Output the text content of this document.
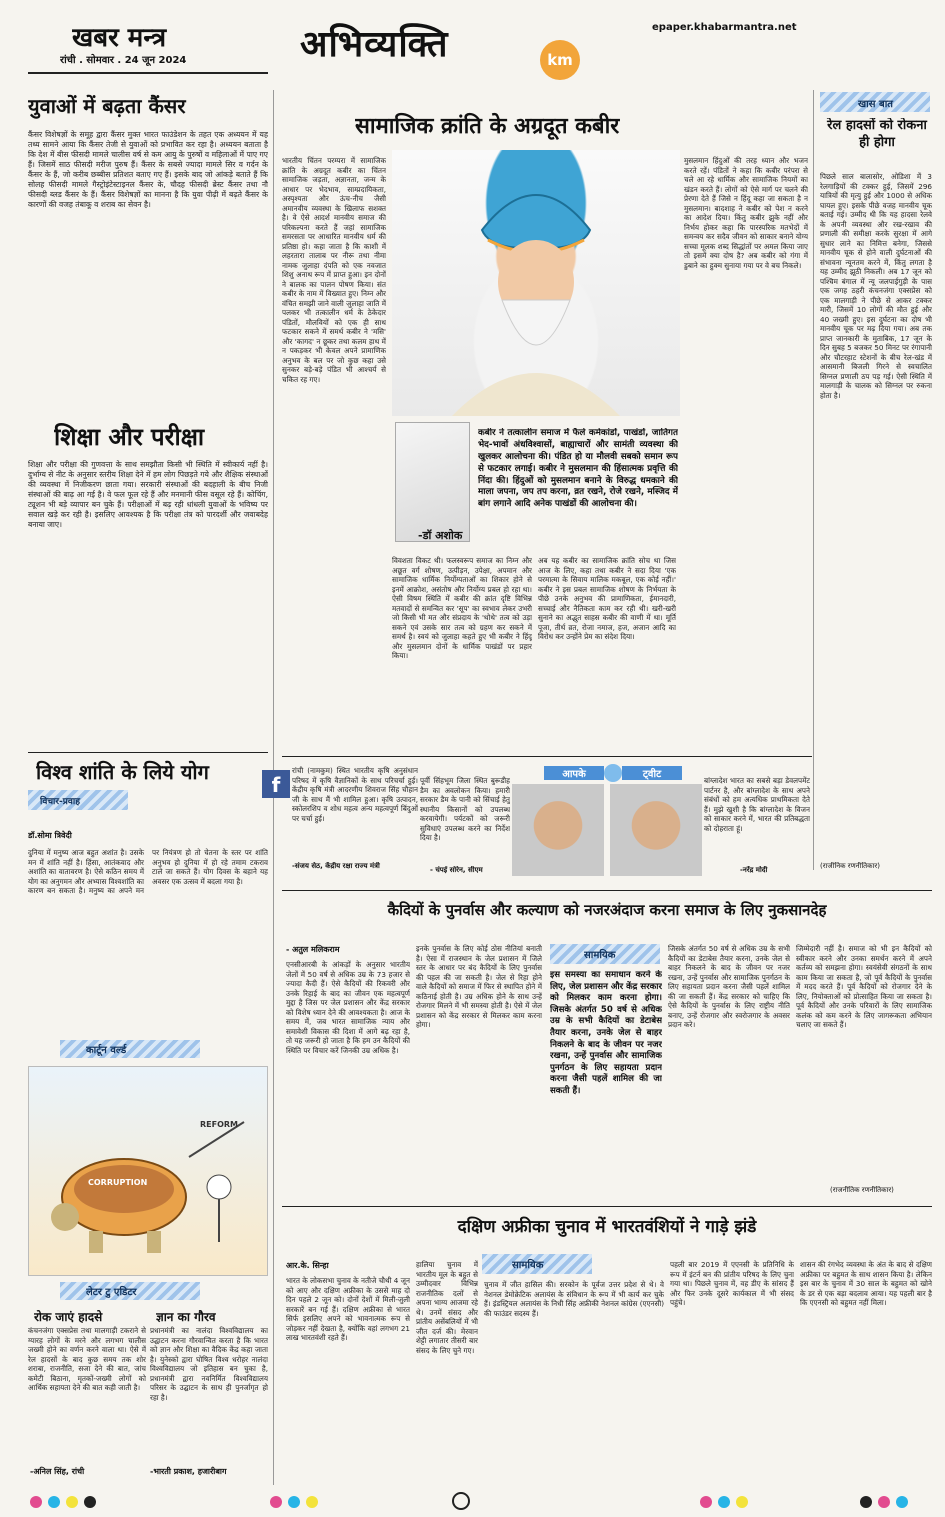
खबर मन्त्र
रांची . सोमवार . 24 जून 2024	अभिव्यक्ति	km
epaper.khabarmantra.net
युवाओं में बढ़ता कैंसर

कैंसर विशेषज्ञों के समूह द्वारा कैंसर मुक्त भारत फाउंडेशन के तहत एक अध्ययन में यह तथ्य सामने आया कि कैंसर तेजी से युवाओं को प्रभावित कर रहा है। अध्ययन बताता है कि देश में बीस फीसदी मामले चालीस वर्ष से कम आयु के पुरुषों व महिलाओं में पाए गए हैं। जिसमें साठ फीसदी मरीज पुरुष हैं। कैंसर के सबसे ज्यादा मामले सिर व गर्दन के कैंसर के हैं, जो करीब छब्बीस प्रतिशत बताए गए हैं। इसके बाद जो आंकड़े बताते हैं कि सोलह फीसदी मामले गैस्ट्रोइंटेस्टाइनल कैंसर के, चौदह फीसदी ब्रेस्ट कैंसर तथा नौ फीसदी ब्लड कैंसर के हैं। कैंसर विशेषज्ञों का मानना है कि युवा पीढ़ी में बढ़ते कैंसर के कारणों की वजह तंबाकू व शराब का सेवन है।

शिक्षा और परीक्षा

शिक्षा और परीक्षा की गुणवत्ता के साथ समझौता किसी भी स्थिति में स्वीकार्य नहीं है। दुर्भाग्य से नीट के अनुसार स्तरीय शिक्षा देने में हम लोग पिछड़ते गये और शैक्षिक संस्थाओं की व्यवस्था में निजीकरण छाता गया। सरकारी संस्थाओं की बदहाली के बीच निजी संस्थाओं की बाढ़ आ गई है। वे फल फूल रहे हैं और मनमानी फीस वसूल रहे हैं। कोचिंग, ट्यूशन भी बड़े व्यापार बन चुके हैं। परीक्षाओं में बढ़ रही धांधली युवाओं के भविष्य पर सवाल खड़े कर रही है। इसलिए आवश्यक है कि परीक्षा तंत्र को पारदर्शी और जवाबदेह बनाया जाए।

विश्व शांति के लिये योग
विचार-प्रवाह
डॉ.सोमा त्रिवेदी

दुनिया में मनुष्य आज बहुत अशांत है। उसके मन में शांति नहीं है। हिंसा, आतंकवाद और अशांति का वातावरण है। ऐसे कठिन समय में योग का अनुगमन और अभ्यास विश्वशांति का कारण बन सकता है। मनुष्य का अपने मन पर नियंत्रण हो तो चेतना के स्तर पर शांति अनुभव हो दुनिया में हो रहे तमाम टकराव टाले जा सकते हैं। योग दिवस के बहाने यह अवसर एक उत्सव में बदला गया है।

कार्टून वर्ल्ड
CORRUPTION
REFORM
लेटर टु एडिटर
रोक जाएं हादसे

कंचनजंगा एक्सप्रेस तथा मालगाड़ी टकराने से ग्यारह लोगों के मरने और लगभग चालीस जख्मी होने का वर्णन करने वाला था। ऐसे में रेल हादसों के बाद कुछ समय तक शोर शराबा, राजनीति, सजा देने की बात, जांच कमेटी बिठाना, मृतकों-जख्मी लोगों को आर्थिक सहायता देने की बात कही जाती है।

-अनिल सिंह, रांची
ज्ञान का गौरव

प्रधानमंत्री का नालंदा विश्वविद्यालय का उद्घाटन करना गौरवान्वित करता है कि भारत को ज्ञान और शिक्षा का वैदिक केंद्र कहा जाता है। युनेस्को द्वारा घोषित विश्व धरोहर नालंदा विश्वविद्यालय जो इतिहास बन चुका है, प्रधानमंत्री द्वारा नवनिर्मित विश्वविद्यालय परिसर के उद्घाटन के साथ ही पुनर्जागृत हो रहा है।

-भारती प्रकाश, हजारीबाग
सामाजिक क्रांति के अग्रदूत कबीर

भारतीय चिंतन परम्परा में सामाजिक क्रांति के अग्रदूत कबीर का चिंतन सामाजिक जड़ता, अज्ञानता, जन्म के आधार पर भेदभाव, साम्प्रदायिकता, अस्पृश्यता और ऊंच-नीच जैसी अमानवीय व्यवस्था के खिलाफ सशक्त है। वे ऐसे आदर्श मानवीय समाज की परिकल्पना करते हैं जहां सामाजिक समरसता पर आधारित मानवीय धर्म की प्रतिष्ठा हो। कहा जाता है कि काशी में लहरतारा तालाब पर नीरू तथा नीमा नामक जुलाहा दंपति को एक नवजात शिशु अनाथ रूप में प्राप्त हुआ। इन दोनों ने बालक का पालन पोषण किया। संत कबीर के नाम में विख्यात हुए। निम्न और वंचित समझी जाने वाली जुलाहा जाति में पलकर भी तत्कालीन धर्म के ठेकेदार पंडितों, मौलवियों को एक ही साथ फटकार सकने में समर्थ कबीर ने 'मसि' और 'कागद' न छूकर तथा कलम हाथ में न पकड़कर भी केवल अपने प्रामाणिक अनुभव के बल पर जो कुछ कहा उसे सुनकर बड़े-बड़े पंडित भी आश्चर्य से चकित रह गए।

-डॉ अशोक
कबीर ने तत्कालीन समाज में फैले कर्मकांडों, पाखंडों, जातिगत भेद-भावों अंधविश्वासों, बाह्याचारों और सामंती व्यवस्था की खुलकर आलोचना की। पंडित हो या मौलवी सबको समान रूप से फटकार लगाई। कबीर ने मुसलमान की हिंसात्मक प्रवृत्ति की निंदा की। हिंदुओं को मुसलमान बनाने के विरुद्ध धमकाने की माला जपना, जप तप करना, व्रत रखने, रोजे रखने, मस्जिद में बांग लगाने आदि अनेक पाखंडों की आलोचना की।

विवशता विकट थी। फलस्वरूप समाज का निम्न और अछूत वर्ग शोषण, उत्पीड़न, उपेक्षा, अपमान और सामाजिक धार्मिक निर्योग्यताओं का शिकार होने से इनमें आक्रोश, असंतोष और निर्योग्य प्रबल हो रहा था। ऐसी विषम स्थिति में कबीर की क्रांत दृष्टि विभिन्न मतवादों से समन्वित कर 'सूप' का स्वभाव लेकर उभरी जो किसी भी मत और संप्रदाय के 'थोथे' तत्व को उड़ा सकने एवं उसके सार तत्व को ग्रहण कर सकने में समर्थ है। स्वयं को जुलाहा कहते हुए भी कबीर ने हिंदू और मुसलमान दोनों के धार्मिक पाखंडों पर प्रहार किया।

अब यह कबीर का सामाजिक क्रांति सोच था जिस आज के लिए, कहा तथा कबीर ने सदा दिया 'एक परमात्मा के सिवाय मालिक मकबूल, एक कोई नहीं।' कबीर ने इस प्रबल सामाजिक शोषण के निर्भयता के पीछे उनके अनुभव की प्रामाणिकता, ईमानदारी, सच्चाई और नैतिकता काम कर रही थी। खरी-खरी सुनाने का अद्भुत साहस कबीर की वाणी में था। मूर्ति पूजा, तीर्थ व्रत, रोजा नमाज, हज, अजान आदि का विरोध कर उन्होंने प्रेम का संदेश दिया।

मुसलमान हिंदुओं की तरह ध्यान और भजन करते रहें। पंडितों ने कहा कि कबीर परंपरा से चले आ रहे धार्मिक और सामाजिक नियमों का खंडन करते हैं। लोगों को ऐसे मार्ग पर चलने की प्रेरणा देते हैं जिसे न हिंदू कहा जा सकता है न मुसलमान। बादशाह ने कबीर को पेश न करने का आदेश दिया। किंतु कबीर झुके नहीं और निर्भय होकर कहा कि पारस्परिक मतभेदों में समन्वय कर सदैव जीवन को साकार बनाने योग्य सच्चा मूलक शब्द सिद्धांतों पर अमल किया जाए तो इसमें क्या दोष है? अब कबीर को गंगा में डुबाने का हुक्म सुनाया गया पर वे बच निकले।

खास बात
रेल हादसों को रोकना ही होगा

पिछले साल बालासोर, ओडिशा में 3 रेलगाड़ियों की टक्कर हुई, जिसमें 296 यात्रियों की मृत्यु हुई और 1000 से अधिक घायल हुए। इसके पीछे वजह मानवीय चूक बताई गई। उम्मीद थी कि यह हादसा रेलवे के अपनी व्यवस्था और रख-रखाव की प्रणाली की समीक्षा करके सुरक्षा में आगे सुधार लाने का निमित्त बनेगा, जिससे मानवीय चूक से होने वाली दुर्घटनाओं की संभावना न्यूनतम करने में, किंतु लगता है यह उम्मीद झूठी निकली। अब 17 जून को पश्चिम बंगाल में न्यू जलपाईगुड़ी के पास एक जगह ठहरी कंचनजंगा एक्सप्रेस को एक मालगाड़ी ने पीछे से आकर टक्कर मारी, जिसमें 10 लोगों की मौत हुई और 40 जख्मी हुए। इस दुर्घटना का दोष भी मानवीय चूक पर मढ़ दिया गया। अब तक प्राप्त जानकारी के मुताबिक, 17 जून के दिन सुबह 5 बजकर 50 मिनट पर रंगापानी और चौटरहाट स्टेशनों के बीच रेल-खंड में आसमानी बिजली गिरने से स्वचालित सिग्नल प्रणाली ठप पड़ गई। ऐसी स्थिति में मालगाड़ी के चालक को सिग्नल पर रुकना होता है।

(राजीनिक रणनीतिकार)
f

रांची (नामकुम) स्थित भारतीय कृषि अनुसंधान परिषद में कृषि वैज्ञानिकों के साथ परिचर्चा हुई। केंद्रीय कृषि मंत्री आदरणीय शिवराज सिंह चौहान जी के साथ मैं भी शामिल हुआ। कृषि उत्पादन, स्कोलरशिप व शोध महत्व अन्य महत्वपूर्ण बिंदुओं पर चर्चा हुई।

-संजय सेठ, केंद्रीय रक्षा राज्य मंत्री
आपके	ट्वीट

पूर्वी सिंहभूम जिला स्थित बुरूडीह डैम का अवलोकन किया। हमारी सरकार डैम के पानी को सिंचाई हेतु स्थानीय किसानों को उपलब्ध करवायेगी। पर्यटकों को जरूरी सुविधाएं उपलब्ध करने का निर्देश दिया है।

- चंपई सोरेन, सीएम

बांग्लादेश भारत का सबसे बड़ा डेवलपमेंट पार्टनर है, और बांग्लादेश के साथ अपने संबंधों को हम अत्यधिक प्राथमिकता देते हैं। मुझे खुशी है कि बांग्लादेश के विजन को साकार करने में, भारत की प्रतिबद्धता को दोहराता हूं।

-नरेंद्र मोदी
कैदियों के पुनर्वास और कल्याण को नजरअंदाज करना समाज के लिए नुकसानदेह
- अतुल मलिकराम

एनसीआरबी के आंकड़ों के अनुसार भारतीय जेलों में 50 वर्ष से अधिक उम्र के 73 हजार से ज्यादा कैदी हैं। ऐसे कैदियों की रिकवरी और उनके रिहाई के बाद का जीवन एक महत्वपूर्ण मुद्दा है जिस पर जेल प्रशासन और केंद्र सरकार को विशेष ध्यान देने की आवश्यकता है। आज के समय में, जब भारत सामाजिक न्याय और समावेशी विकास की दिशा में आगे बढ़ रहा है, तो यह जरूरी हो जाता है कि हम उन कैदियों की स्थिति पर विचार करें जिनकी उम्र अधिक है।

इनके पुनर्वास के लिए कोई ठोस नीतियां बनाती है। ऐसा में राजस्थान के जेल प्रशासन में जिले स्तर के आधार पर बंद कैदियों के लिए पुनर्वास की पहल की जा सकती है। जेल से रिहा होने वाले कैदियों को समाज में फिर से स्थापित होने में कठिनाई होती है। उम्र अधिक होने के साथ उन्हें रोजगार मिलने में भी समस्या होती है। ऐसे में जेल प्रशासन को केंद्र सरकार से मिलकर काम करना होगा।

सामयिक
इस समस्या का समाधान करने के लिए, जेल प्रशासन और केंद्र सरकार को मिलकर काम करना होगा। जिसके अंतर्गत 50 वर्ष से अधिक उम्र के सभी कैदियों का डेटाबेस तैयार करना, उनके जेल से बाहर निकलने के बाद के जीवन पर नजर रखना, उन्हें पुनर्वास और सामाजिक पुनर्गठन के लिए सहायता प्रदान करना जैसी पहलें शामिल की जा सकती हैं।

जिसके अंतर्गत 50 वर्ष से अधिक उम्र के सभी कैदियों का डेटाबेस तैयार करना, उनके जेल से बाहर निकलने के बाद के जीवन पर नजर रखना, उन्हें पुनर्वास और सामाजिक पुनर्गठन के लिए सहायता प्रदान करना जैसी पहलें शामिल की जा सकती हैं। केंद्र सरकार को चाहिए कि ऐसे कैदियों के पुनर्वास के लिए राष्ट्रीय नीति बनाए, उन्हें रोजगार और स्वरोजगार के अवसर प्रदान करे।

जिम्मेदारी नहीं है। समाज को भी इन कैदियों को स्वीकार करने और उनका समर्थन करने में अपने कर्तव्य को समझना होगा। स्वयंसेवी संगठनों के साथ काम किया जा सकता है, जो पूर्व कैदियों के पुनर्वास में मदद करते हैं। पूर्व कैदियों को रोजगार देने के लिए, नियोक्ताओं को प्रोत्साहित किया जा सकता है। पूर्व कैदियों और उनके परिवारों के लिए सामाजिक कलंक को कम करने के लिए जागरूकता अभियान चलाए जा सकते हैं।

(राजनीतिक रणनीतिकार)
दक्षिण अफ्रीका चुनाव में भारतवंशियों ने गाड़े झंडे
आर.के. सिन्हा	सामयिक

भारत के लोकसभा चुनाव के नतीजे चौथी 4 जून को आए और दक्षिण अफ्रीका के उससे माह दो दिन पहले 2 जून को। दोनों देशों में मिली-जुली सरकारें बन गई हैं। दक्षिण अफ्रीका से भारत सिर्फ इसलिए अपने को भावनात्मक रूप से जोड़कर नहीं देखता है, क्योंकि वहां लगभग 21 लाख भारतवंशी रहते हैं।

हालिया चुनाव में भारतीय मूल के बहुत से उम्मीदवार विभिन्न राजनीतिक दलों से अपना भाग्य आजमा रहे थे। उनमें संसद और प्रांतीय असेंबलियों में भी जीत दर्ज की। मेरवान शेट्टी लगातार तीसरी बार संसद के लिए चुने गए।

चुनाव में जीत हासिल की। सरकोन के पूर्वज उत्तर प्रदेश से थे। वे नेशनल डेमोक्रेटिक अलायंस के संविधान के रूप में भी कार्य कर चुके हैं। इंडस्ट्रियल अलायंस के निधी सिंह अफ्रीकी नेशनल कांग्रेस (एएनसी) की फाउंडर सदस्य हैं।

पहली बार 2019 में एएनसी के प्रतिनिधि के रूप में इंटर्न बन की प्रांतीय परिषद के लिए चुना गया था। पिछले चुनाव में, वह डीए के सांसद हैं और फिर उनके दूसरे कार्यकाल में भी संसद पहुंचे।

शासन की रंगभेद व्यवस्था के अंत के बाद से दक्षिण अफ्रीका पर बहुमत के साथ शासन किया है। लेकिन इस बार के चुनाव में 30 साल के बहुमत को खोने के डर से एक बड़ा बदलाव आया। यह पहली बार है कि एएनसी को बहुमत नहीं मिला।
